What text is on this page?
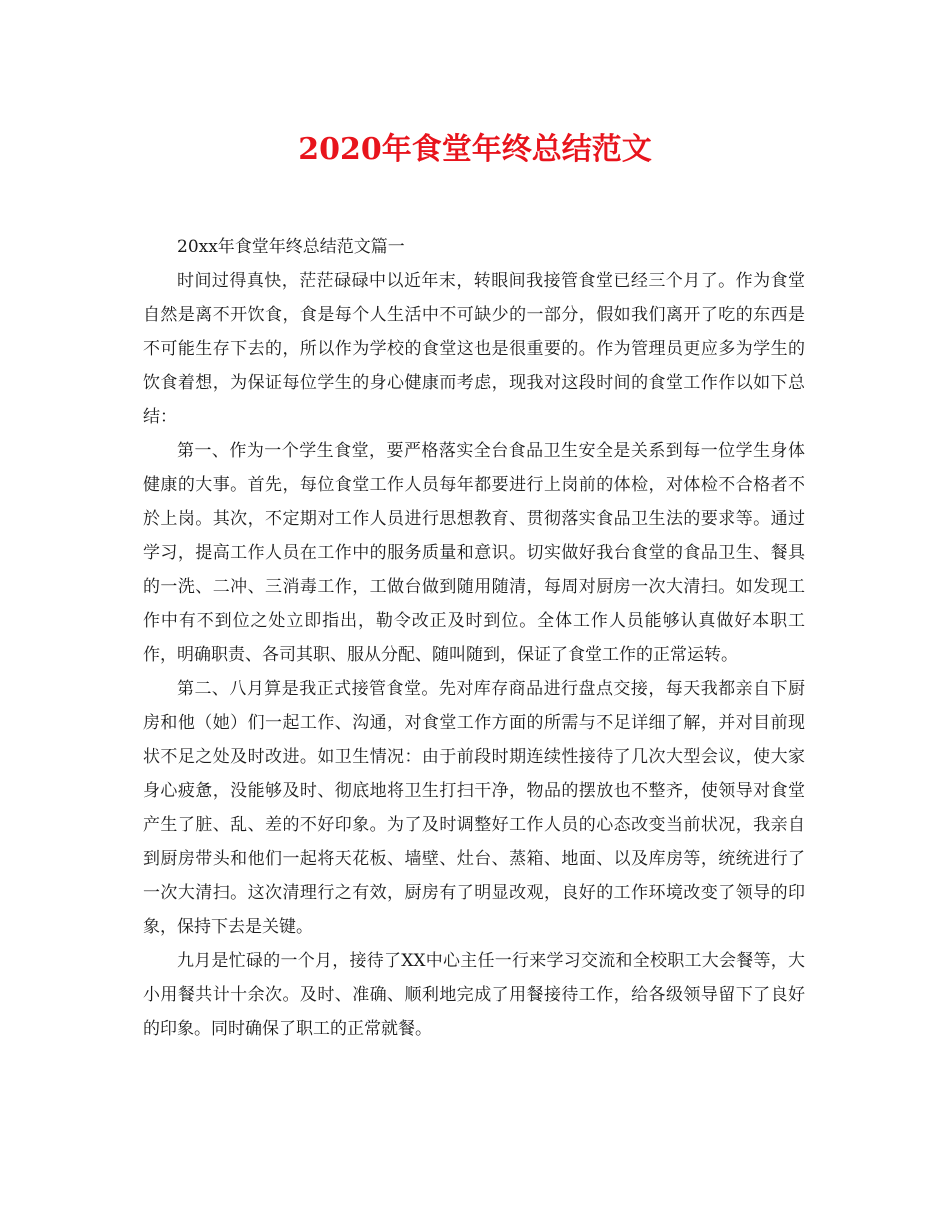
2020年食堂年终总结范文

20xx年食堂年终总结范文篇一

时间过得真快，茫茫碌碌中以近年末，转眼间我接管食堂已经三个月了。作为食堂自然是离不开饮食，食是每个人生活中不可缺少的一部分，假如我们离开了吃的东西是不可能生存下去的，所以作为学校的食堂这也是很重要的。作为管理员更应多为学生的饮食着想，为保证每位学生的身心健康而考虑，现我对这段时间的食堂工作作以如下总结：

第一、作为一个学生食堂，要严格落实全台食品卫生安全是关系到每一位学生身体健康的大事。首先，每位食堂工作人员每年都要进行上岗前的体检，对体检不合格者不於上岗。其次，不定期对工作人员进行思想教育、贯彻落实食品卫生法的要求等。通过学习，提高工作人员在工作中的服务质量和意识。切实做好我台食堂的食品卫生、餐具的一洗、二冲、三消毒工作，工做台做到随用随清，每周对厨房一次大清扫。如发现工作中有不到位之处立即指出，勒令改正及时到位。全体工作人员能够认真做好本职工作，明确职责、各司其职、服从分配、随叫随到，保证了食堂工作的正常运转。

第二、八月算是我正式接管食堂。先对库存商品进行盘点交接，每天我都亲自下厨房和他（她）们一起工作、沟通，对食堂工作方面的所需与不足详细了解，并对目前现状不足之处及时改进。如卫生情况：由于前段时期连续性接待了几次大型会议，使大家身心疲惫，没能够及时、彻底地将卫生打扫干净，物品的摆放也不整齐，使领导对食堂产生了脏、乱、差的不好印象。为了及时调整好工作人员的心态改变当前状况，我亲自到厨房带头和他们一起将天花板、墙壁、灶台、蒸箱、地面、以及库房等，统统进行了一次大清扫。这次清理行之有效，厨房有了明显改观，良好的工作环境改变了领导的印象，保持下去是关键。

九月是忙碌的一个月，接待了XX中心主任一行来学习交流和全校职工大会餐等，大小用餐共计十余次。及时、准确、顺利地完成了用餐接待工作，给各级领导留下了良好的印象。同时确保了职工的正常就餐。
